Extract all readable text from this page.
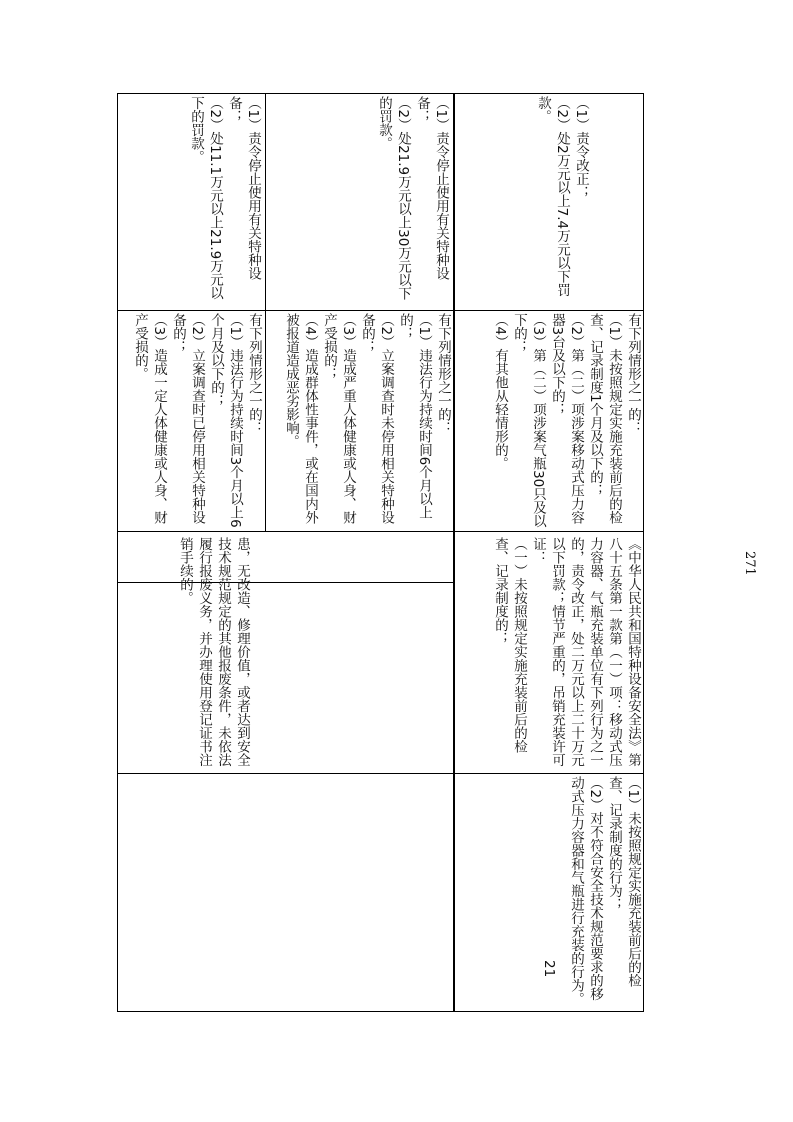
患，无改造、修理价值，或者达到安全技术规范规定的其他报废条件，未依法履行报废义务，并办理使用登记证书注销手续的。

有下列情形之一的：

（1）违法行为持续时间3个月以上6个月及以下的；

（2）立案调查时已停用相关特种设备的；

（3）造成一定人体健康或人身、财产受损的。

（1）责令停止使用有关特种设备；

（2）处11.1万元以上21.9万元以下的罚款。

有下列情形之一的：

（1）违法行为持续时间6个月以上的；

（2）立案调查时未停用相关特种设备的；

（3）造成严重人体健康或人身、财产受损的；

（4）造成群体性事件，或在国内外被报道造成恶劣影响。

（1）责令停止使用有关特种设备；

（2）处21.9万元以上30万元以下的罚款。

21	（1）未按照规定实施充装前后的检查、记录制度的行为；

（2）对不符合安全技术规范要求的移动式压力容器和气瓶进行充装的行为。

《中华人民共和国特种设备安全法》第八十五条第一款第（一）项：移动式压力容器、气瓶充装单位有下列行为之一的，责令改正，处二万元以上二十万元以下罚款；情节严重的，吊销充装许可证：

（一）未按照规定实施充装前后的检查、记录制度的；

有下列情形之一的：

（1）未按照规定实施充装前后的检查、记录制度1个月及以下的；

（2）第（二）项涉案移动式压力容器3台及以下的；

（3）第（二）项涉案气瓶30只及以下的；

（4）有其他从轻情形的。

（1）责令改正；

（2）处2万元以上7.4万元以下罚款。

271
